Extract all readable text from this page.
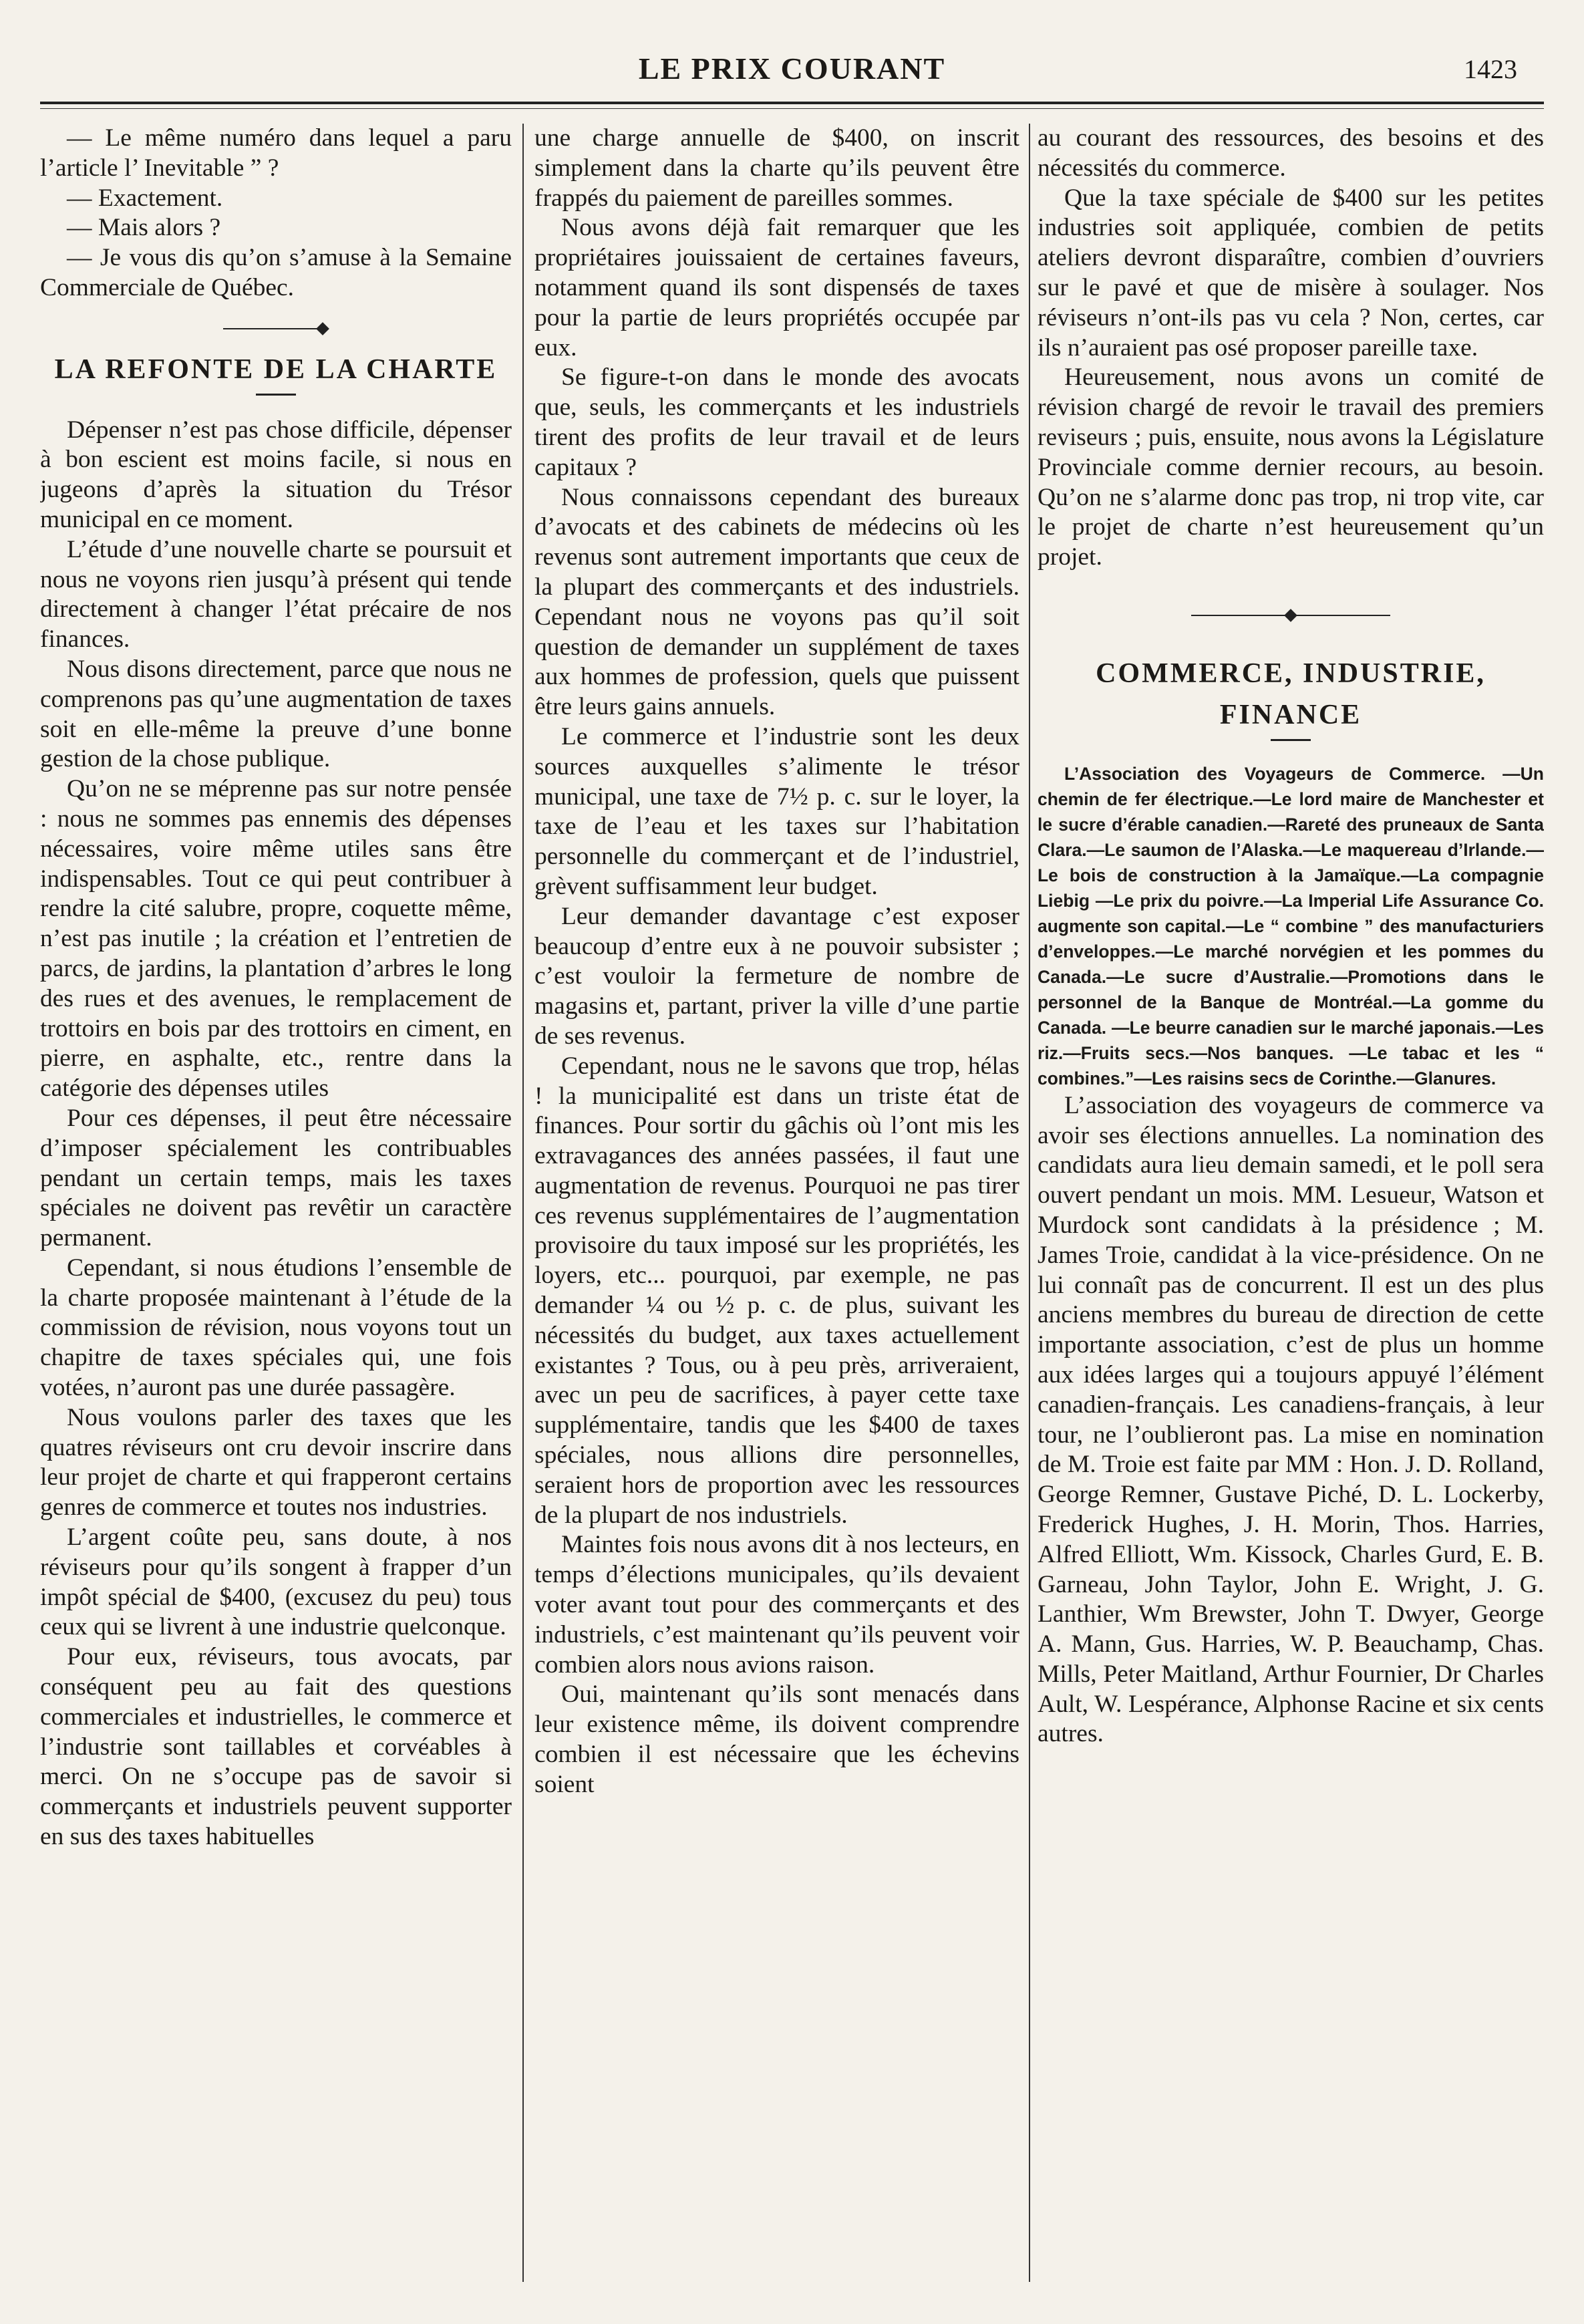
LE PRIX COURANT	1423

— Le même numéro dans lequel a paru l’article l’ Inevitable ” ?

— Exactement.

— Mais alors ?

— Je vous dis qu’on s’amuse à la Semaine Commerciale de Québec.

LA REFONTE DE LA CHARTE

Dépenser n’est pas chose difficile, dépenser à bon escient est moins facile, si nous en jugeons d’après la situation du Trésor municipal en ce moment.

L’étude d’une nouvelle charte se poursuit et nous ne voyons rien jusqu’à présent qui tende directement à changer l’état précaire de nos finances.

Nous disons directement, parce que nous ne comprenons pas qu’une augmentation de taxes soit en elle-même la preuve d’une bonne gestion de la chose publique.

Qu’on ne se méprenne pas sur notre pensée : nous ne sommes pas ennemis des dépenses nécessaires, voire même utiles sans être indispensables. Tout ce qui peut contribuer à rendre la cité salubre, propre, coquette même, n’est pas inutile ; la création et l’entretien de parcs, de jardins, la plantation d’arbres le long des rues et des avenues, le remplacement de trottoirs en bois par des trottoirs en ciment, en pierre, en asphalte, etc., rentre dans la catégorie des dépenses utiles

Pour ces dépenses, il peut être nécessaire d’imposer spécialement les contribuables pendant un certain temps, mais les taxes spéciales ne doivent pas revêtir un caractère permanent.

Cependant, si nous étudions l’ensemble de la charte proposée maintenant à l’étude de la commission de révision, nous voyons tout un chapitre de taxes spéciales qui, une fois votées, n’auront pas une durée passagère.

Nous voulons parler des taxes que les quatres réviseurs ont cru devoir inscrire dans leur projet de charte et qui frapperont certains genres de commerce et toutes nos industries.

L’argent coûte peu, sans doute, à nos réviseurs pour qu’ils songent à frapper d’un impôt spécial de $400, (excusez du peu) tous ceux qui se livrent à une industrie quelconque.

Pour eux, réviseurs, tous avocats, par conséquent peu au fait des questions commerciales et industrielles, le commerce et l’industrie sont taillables et corvéables à merci. On ne s’occupe pas de savoir si commerçants et industriels peuvent supporter en sus des taxes habituelles

une charge annuelle de $400, on inscrit simplement dans la charte qu’ils peuvent être frappés du paiement de pareilles sommes.

Nous avons déjà fait remarquer que les propriétaires jouissaient de certaines faveurs, notamment quand ils sont dispensés de taxes pour la partie de leurs propriétés occupée par eux.

Se figure-t-on dans le monde des avocats que, seuls, les commerçants et les industriels tirent des profits de leur travail et de leurs capitaux ?

Nous connaissons cependant des bureaux d’avocats et des cabinets de médecins où les revenus sont autrement importants que ceux de la plupart des commerçants et des industriels. Cependant nous ne voyons pas qu’il soit question de demander un supplément de taxes aux hommes de profession, quels que puissent être leurs gains annuels.

Le commerce et l’industrie sont les deux sources auxquelles s’alimente le trésor municipal, une taxe de 7½ p. c. sur le loyer, la taxe de l’eau et les taxes sur l’habitation personnelle du commerçant et de l’industriel, grèvent suffisamment leur budget.

Leur demander davantage c’est exposer beaucoup d’entre eux à ne pouvoir subsister ; c’est vouloir la fermeture de nombre de magasins et, partant, priver la ville d’une partie de ses revenus.

Cependant, nous ne le savons que trop, hélas ! la municipalité est dans un triste état de finances. Pour sortir du gâchis où l’ont mis les extravagances des années passées, il faut une augmentation de revenus. Pourquoi ne pas tirer ces revenus supplémentaires de l’augmentation provisoire du taux imposé sur les propriétés, les loyers, etc... pourquoi, par exemple, ne pas demander ¼ ou ½ p. c. de plus, suivant les nécessités du budget, aux taxes actuellement existantes ? Tous, ou à peu près, arriveraient, avec un peu de sacrifices, à payer cette taxe supplémentaire, tandis que les $400 de taxes spéciales, nous allions dire personnelles, seraient hors de proportion avec les ressources de la plupart de nos industriels.

Maintes fois nous avons dit à nos lecteurs, en temps d’élections municipales, qu’ils devaient voter avant tout pour des commerçants et des industriels, c’est maintenant qu’ils peuvent voir combien alors nous avions raison.

Oui, maintenant qu’ils sont menacés dans leur existence même, ils doivent comprendre combien il est nécessaire que les échevins soient

au courant des ressources, des besoins et des nécessités du commerce.

Que la taxe spéciale de $400 sur les petites industries soit appliquée, combien de petits ateliers devront disparaître, combien d’ouvriers sur le pavé et que de misère à soulager. Nos réviseurs n’ont-ils pas vu cela ? Non, certes, car ils n’auraient pas osé proposer pareille taxe.

Heureusement, nous avons un comité de révision chargé de revoir le travail des premiers reviseurs ; puis, ensuite, nous avons la Législature Provinciale comme dernier recours, au besoin. Qu’on ne s’alarme donc pas trop, ni trop vite, car le projet de charte n’est heureusement qu’un projet.

COMMERCE, INDUSTRIE,
FINANCE

L’Association des Voyageurs de Commerce. —Un chemin de fer électrique.—Le lord maire de Manchester et le sucre d’érable canadien.—Rareté des pruneaux de Santa Clara.—Le saumon de l’Alaska.—Le maquereau d’Irlande.—Le bois de construction à la Jamaïque.—La compagnie Liebig —Le prix du poivre.—La Imperial Life Assurance Co. augmente son capital.—Le “ combine ” des manufacturiers d’enveloppes.—Le marché norvégien et les pommes du Canada.—Le sucre d’Australie.—Promotions dans le personnel de la Banque de Montréal.—La gomme du Canada. —Le beurre canadien sur le marché japonais.—Les riz.—Fruits secs.—Nos banques. —Le tabac et les “ combines.”—Les raisins secs de Corinthe.—Glanures.

L’association des voyageurs de commerce va avoir ses élections annuelles. La nomination des candidats aura lieu demain samedi, et le poll sera ouvert pendant un mois. MM. Lesueur, Watson et Murdock sont candidats à la présidence ; M. James Troie, candidat à la vice-présidence. On ne lui connaît pas de concurrent. Il est un des plus anciens membres du bureau de direction de cette importante association, c’est de plus un homme aux idées larges qui a toujours appuyé l’élément canadien-français. Les canadiens-français, à leur tour, ne l’oublieront pas. La mise en nomination de M. Troie est faite par MM : Hon. J. D. Rolland, George Remner, Gustave Piché, D. L. Lockerby, Frederick Hughes, J. H. Morin, Thos. Harries, Alfred Elliott, Wm. Kissock, Charles Gurd, E. B. Garneau, John Taylor, John E. Wright, J. G. Lanthier, Wm Brewster, John T. Dwyer, George A. Mann, Gus. Harries, W. P. Beauchamp, Chas. Mills, Peter Maitland, Arthur Fournier, Dr Charles Ault, W. Lespérance, Alphonse Racine et six cents autres.
